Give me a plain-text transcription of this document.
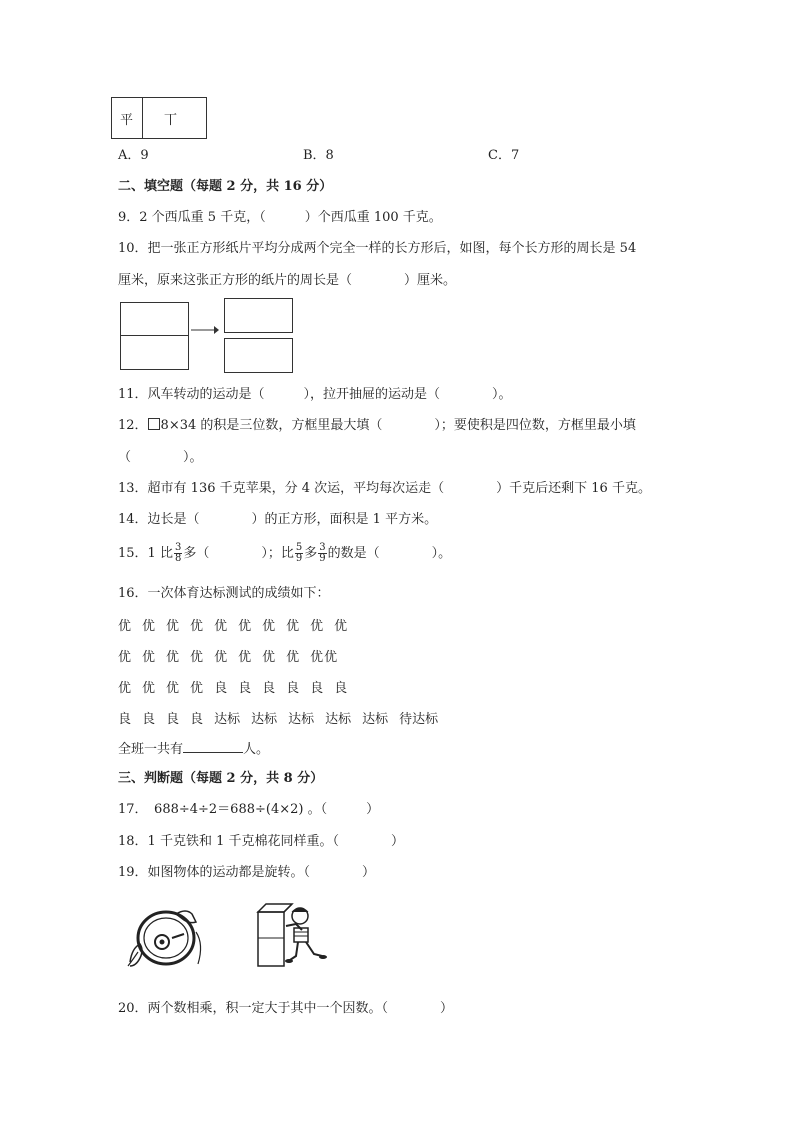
平 丅
A．9	B．8	C．7
二、填空题（每题 2 分，共 16 分）
9．2 个西瓜重 5 千克，（　　　）个西瓜重 100 千克。
10．把一张正方形纸片平均分成两个完全一样的长方形后，如图，每个长方形的周长是 54
厘米，原来这张正方形的纸片的周长是（　　　　）厘米。
11．风车转动的运动是（　　　），拉开抽屉的运动是（　　　　）。
12． 8×34 的积是三位数，方框里最大填（　　　　）；要使积是四位数，方框里最小填
（　　　　）。
13．超市有 136 千克苹果，分 4 次运，平均每次运走（　　　　）千克后还剩下 16 千克。
14．边长是（　　　　）的正方形，面积是 1 平方米。
15．1 比 $\frac{3}{8}$ 多（　　　　）；比 $\frac{5}{9}$ 多 $\frac{3}{9}$ 的数是（　　　　）。
16．一次体育达标测试的成绩如下：
优 优 优 优 优 优 优 优 优 优
优 优 优 优 优 优 优 优 优优
优 优 优 优 良 良 良 良 良 良
良 良 良 良 达标 达标 达标 达标 达标 待达标
全班一共有	人。
三、判断题（每题 2 分，共 8 分）
17．　688÷4÷2＝688÷(4×2) 。（　　　）
18．1 千克铁和 1 千克棉花同样重。（　　　　）
19．如图物体的运动都是旋转。（　　　　）
20．两个数相乘，积一定大于其中一个因数。（　　　　）
